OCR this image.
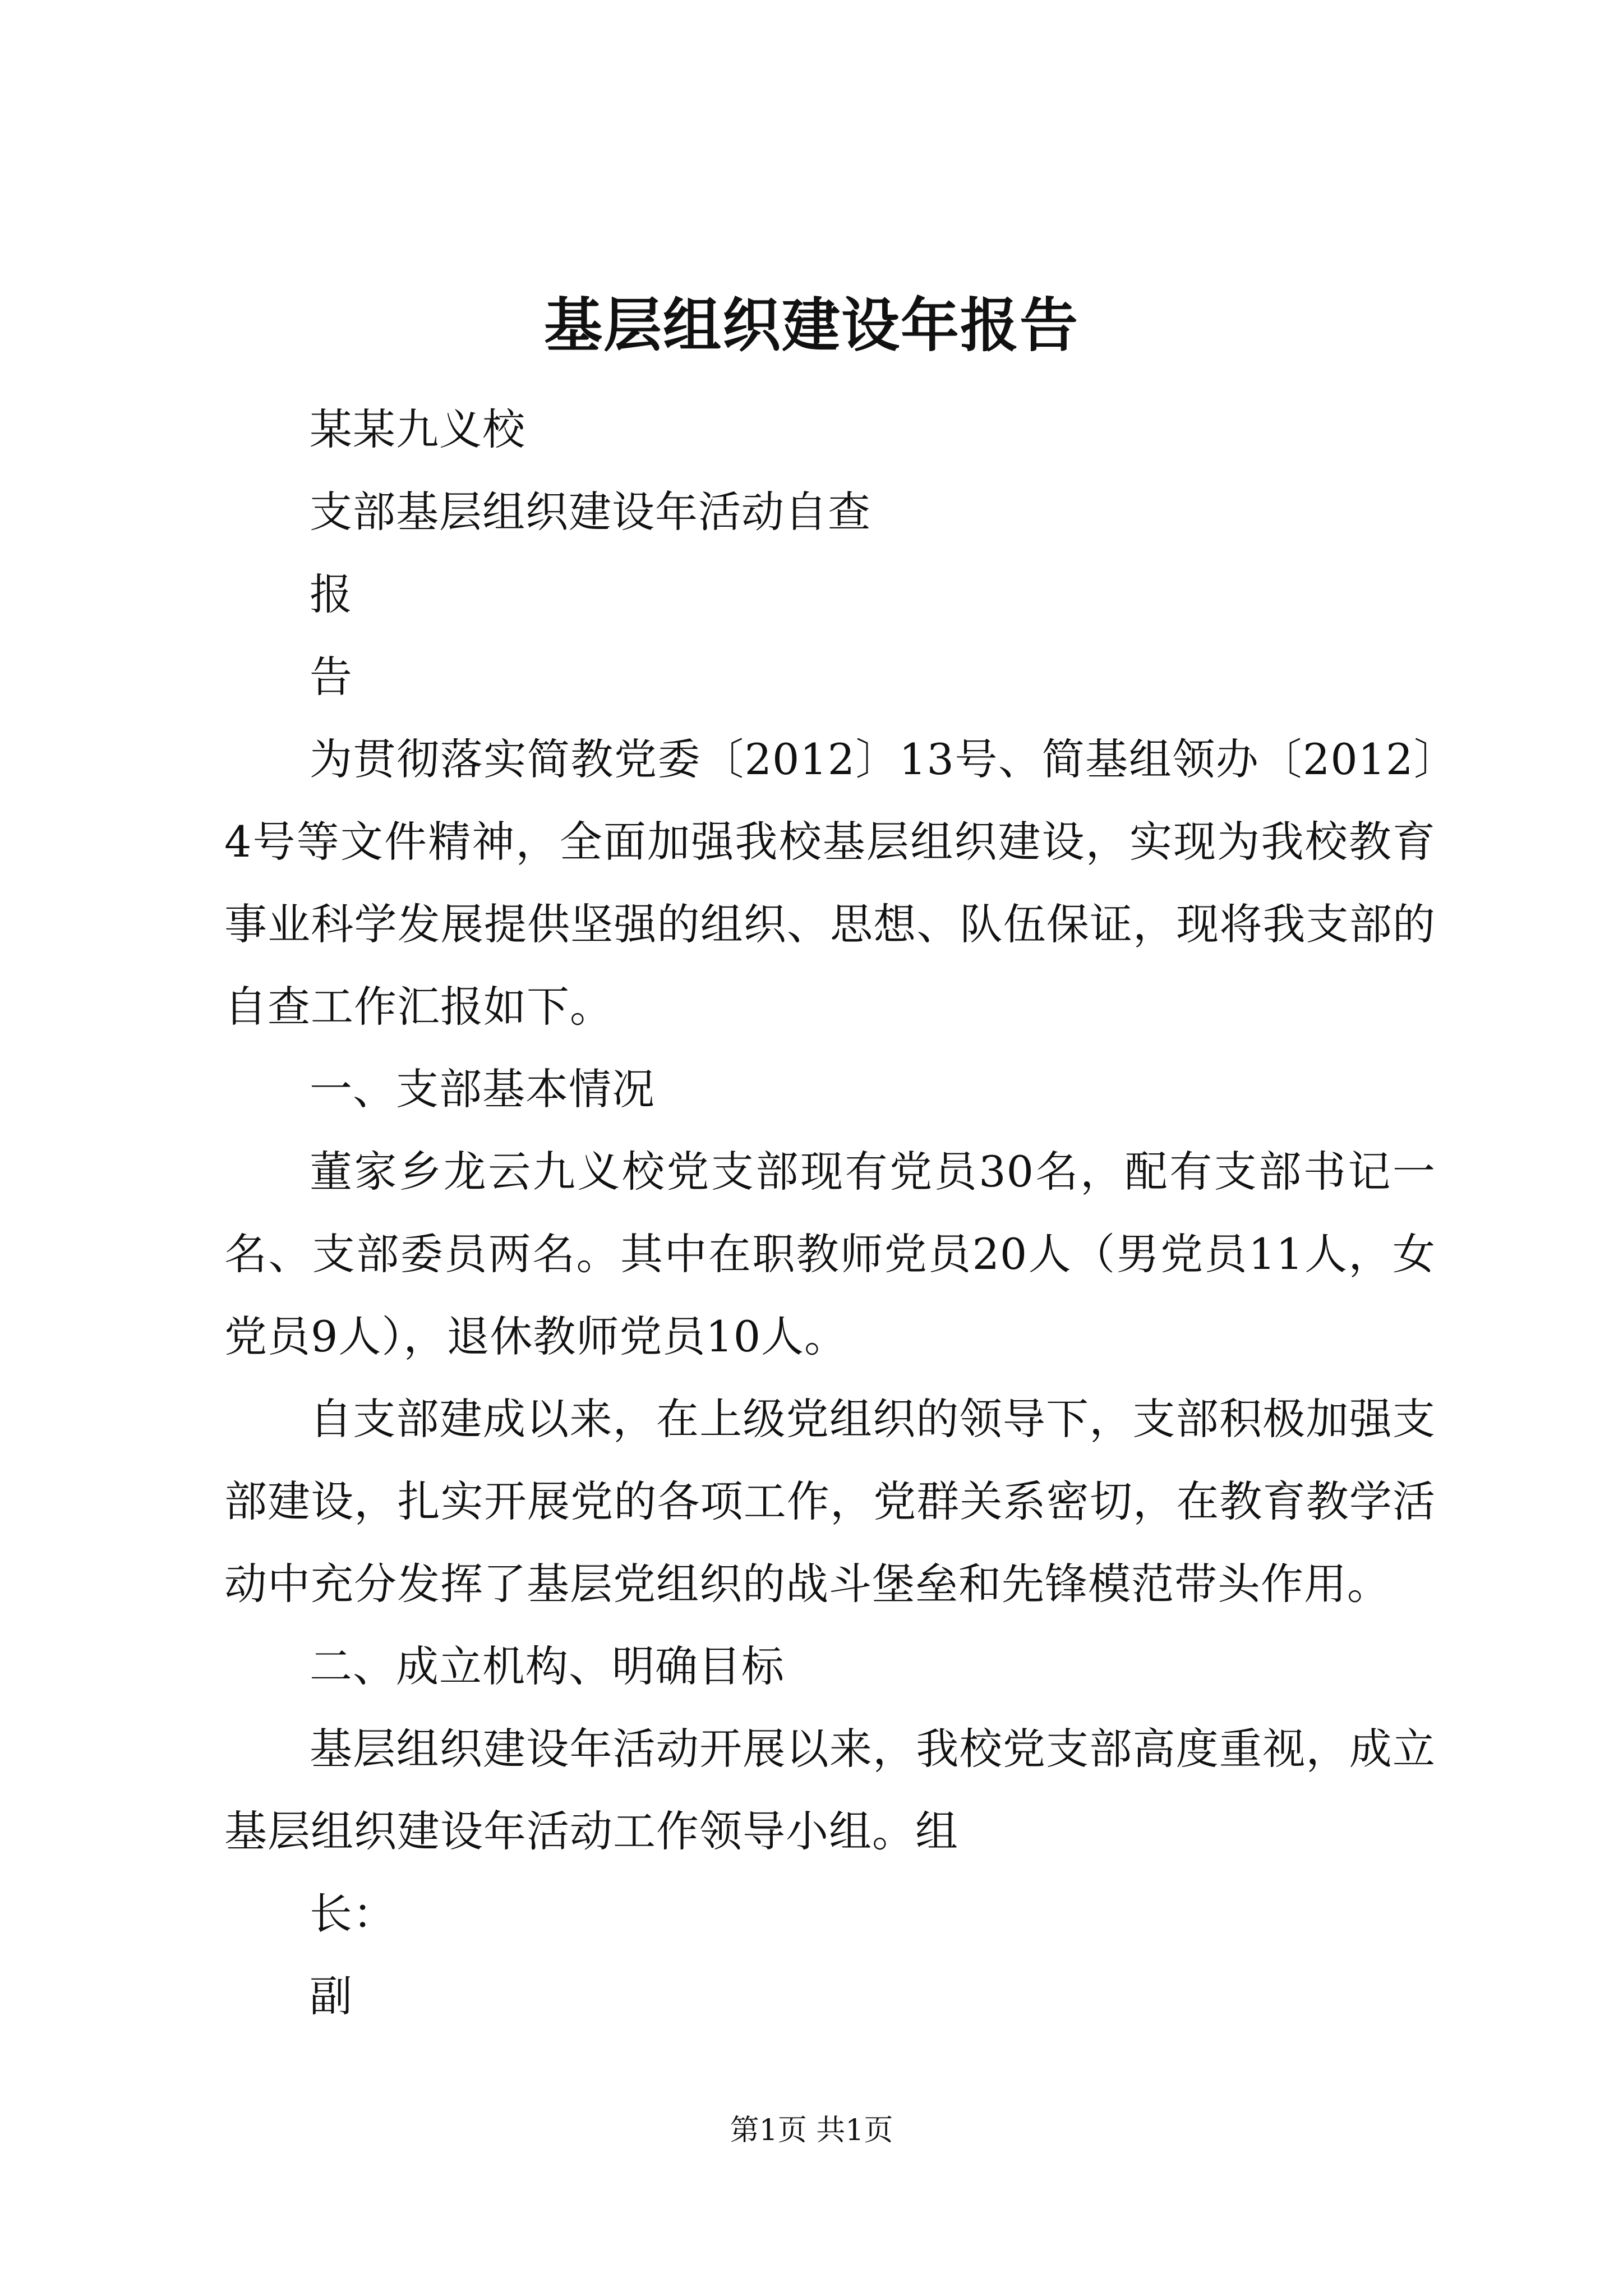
基层组织建设年报告

某某九义校

支部基层组织建设年活动自查

报

告

为贯彻落实简教党委〔2012〕13号、简基组领办〔2012〕4号等文件精神，全面加强我校基层组织建设，实现为我校教育事业科学发展提供坚强的组织、思想、队伍保证，现将我支部的自查工作汇报如下。

一、支部基本情况

董家乡龙云九义校党支部现有党员30名，配有支部书记一名、支部委员两名。其中在职教师党员20人（男党员11人，女党员9人），退休教师党员10人。

自支部建成以来，在上级党组织的领导下，支部积极加强支部建设，扎实开展党的各项工作，党群关系密切，在教育教学活动中充分发挥了基层党组织的战斗堡垒和先锋模范带头作用。

二、成立机构、明确目标

基层组织建设年活动开展以来，我校党支部高度重视，成立基层组织建设年活动工作领导小组。组

长：

副

第1页 共1页
